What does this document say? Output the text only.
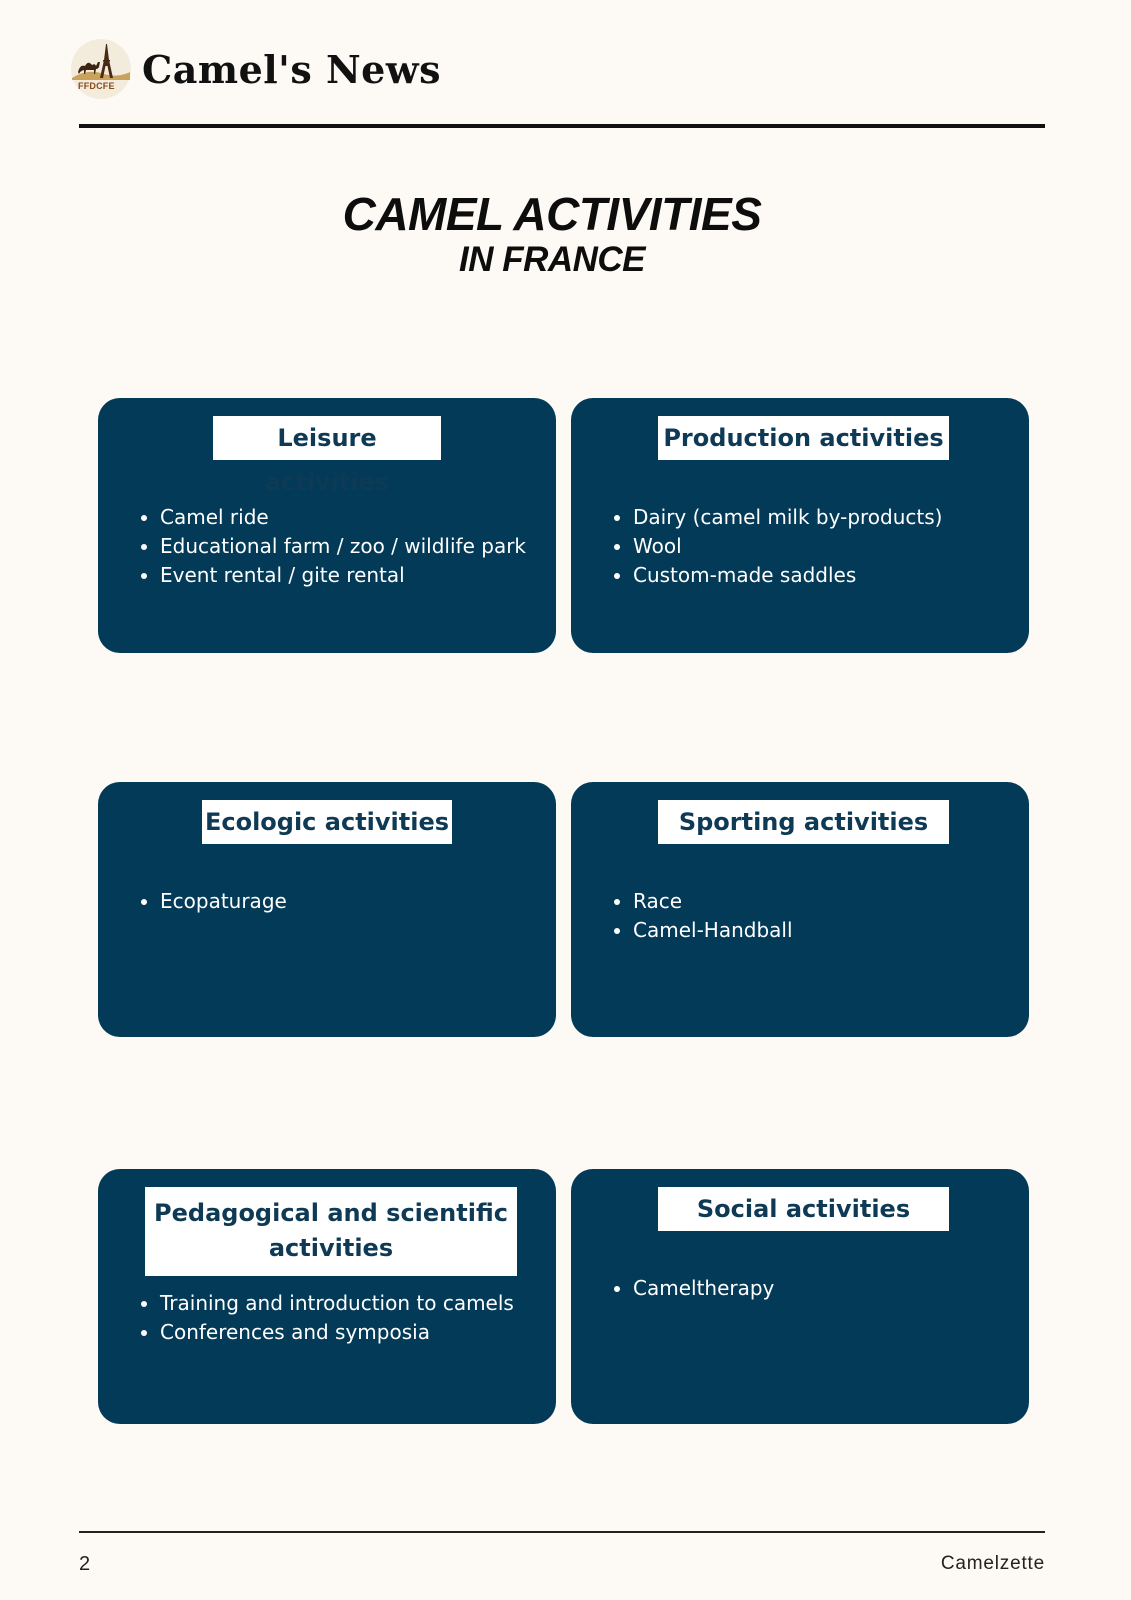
FFDCFE Camel's News
CAMEL ACTIVITIES
IN FRANCE
Leisure activities
• Camel ride
• Educational farm / zoo / wildlife park
• Event rental / gite rental
Production activities
• Dairy (camel milk by-products)
• Wool
• Custom-made saddles
Ecologic activities
• Ecopaturage
Sporting activities
• Race
• Camel-Handball
Pedagogical and scientific
activities
• Training and introduction to camels
• Conferences and symposia
Social activities
• Cameltherapy
2	Camelzette
